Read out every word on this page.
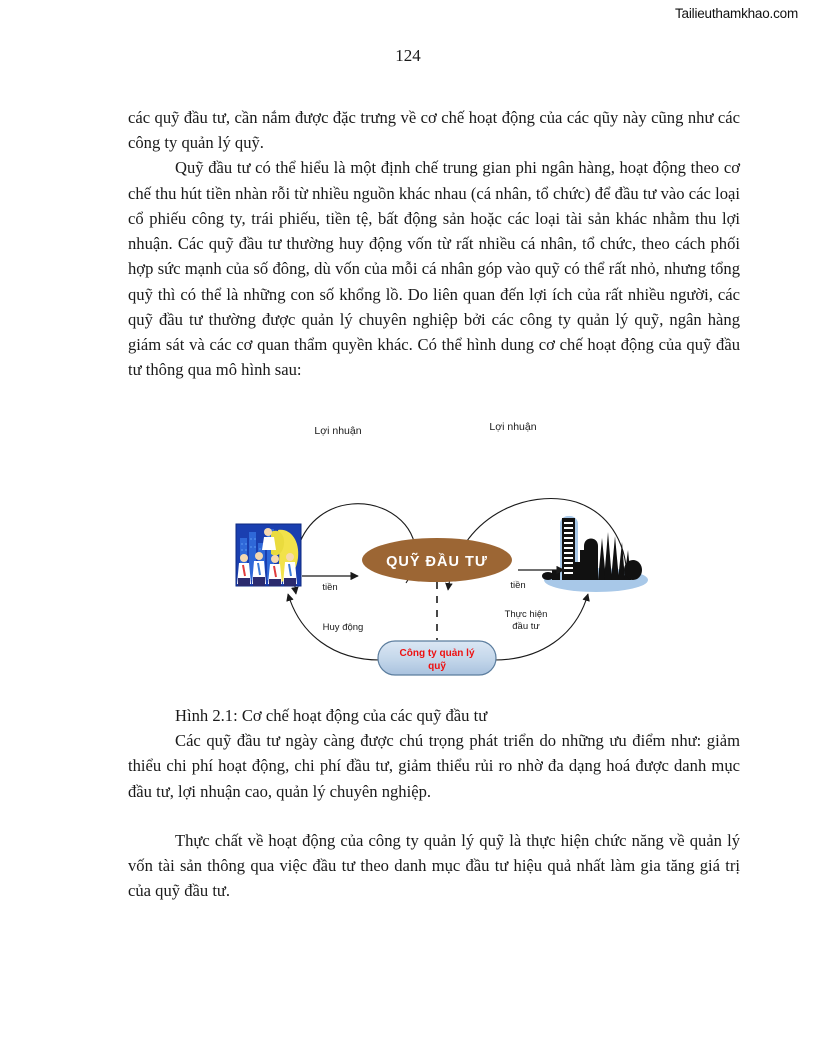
Tailieuthamkhao.com
124

các quỹ đầu tư, cần nắm được đặc trưng về cơ chế hoạt động của các qũy này cũng như các công ty quản lý quỹ.

Quỹ đầu tư có thể hiểu là một định chế trung gian phi ngân hàng, hoạt động theo cơ chế thu hút tiền nhàn rỗi từ nhiều nguồn khác nhau (cá nhân, tổ chức) để đầu tư vào các loại cổ phiếu công ty, trái phiếu, tiền tệ, bất động sản hoặc các loại tài sản khác nhằm thu lợi nhuận. Các quỹ đầu tư thường huy động vốn từ rất nhiều cá nhân, tổ chức, theo cách phối hợp sức mạnh của số đông, dù vốn của mỗi cá nhân góp vào quỹ có thể rất nhỏ, nhưng tổng quỹ thì có thể là những con số khổng lồ. Do liên quan đến lợi ích của rất nhiều người, các quỹ đầu tư thường được quản lý chuyên nghiệp bởi các công ty quản lý quỹ, ngân hàng giám sát và các cơ quan thẩm quyền khác. Có thể hình dung cơ chế hoạt động của quỹ đầu tư thông qua mô hình sau:

Lợi nhuận	Lợi nhuận
tiền	tiền
QUỸ ĐẦU TƯ
Huy động
Thực hiện
đầu tư
Công ty quản lý
quỹ

Hình 2.1: Cơ chế hoạt động của các quỹ đầu tư

Các quỹ đầu tư ngày càng được chú trọng phát triển do những ưu điểm như: giảm thiểu chi phí hoạt động, chi phí đầu tư, giảm thiểu rủi ro nhờ đa dạng hoá được danh mục đầu tư, lợi nhuận cao, quản lý chuyên nghiệp.

Thực chất về hoạt động của công ty quản lý quỹ là thực hiện chức năng về quản lý vốn tài sản thông qua việc đầu tư theo danh mục đầu tư hiệu quả nhất làm gia tăng giá trị của quỹ đầu tư.
